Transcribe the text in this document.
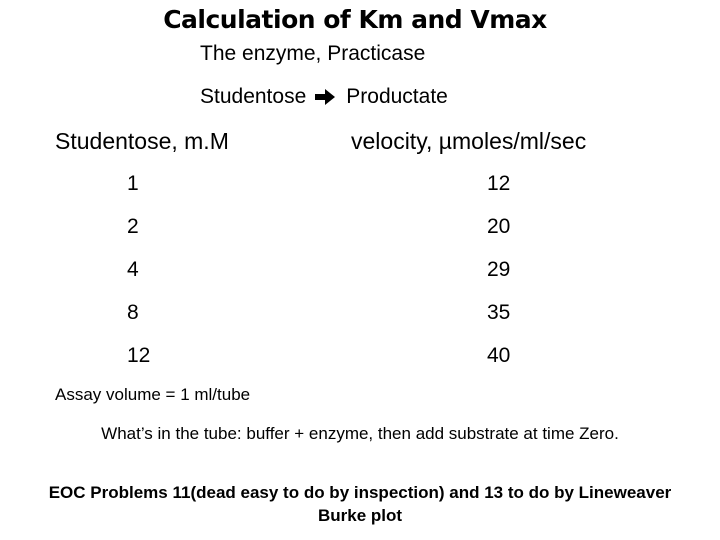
Calculation of Km and Vmax
The enzyme, Practicase
Studentose Productate
Studentose, m.M	velocity, µmoles/ml/sec
1	12
2	20
4	29
8	35
12	40
Assay volume = 1 ml/tube
What’s in the tube: buffer + enzyme, then add substrate at time Zero.
EOC Problems 11(dead easy to do by inspection) and 13 to do by Lineweaver Burke plot
